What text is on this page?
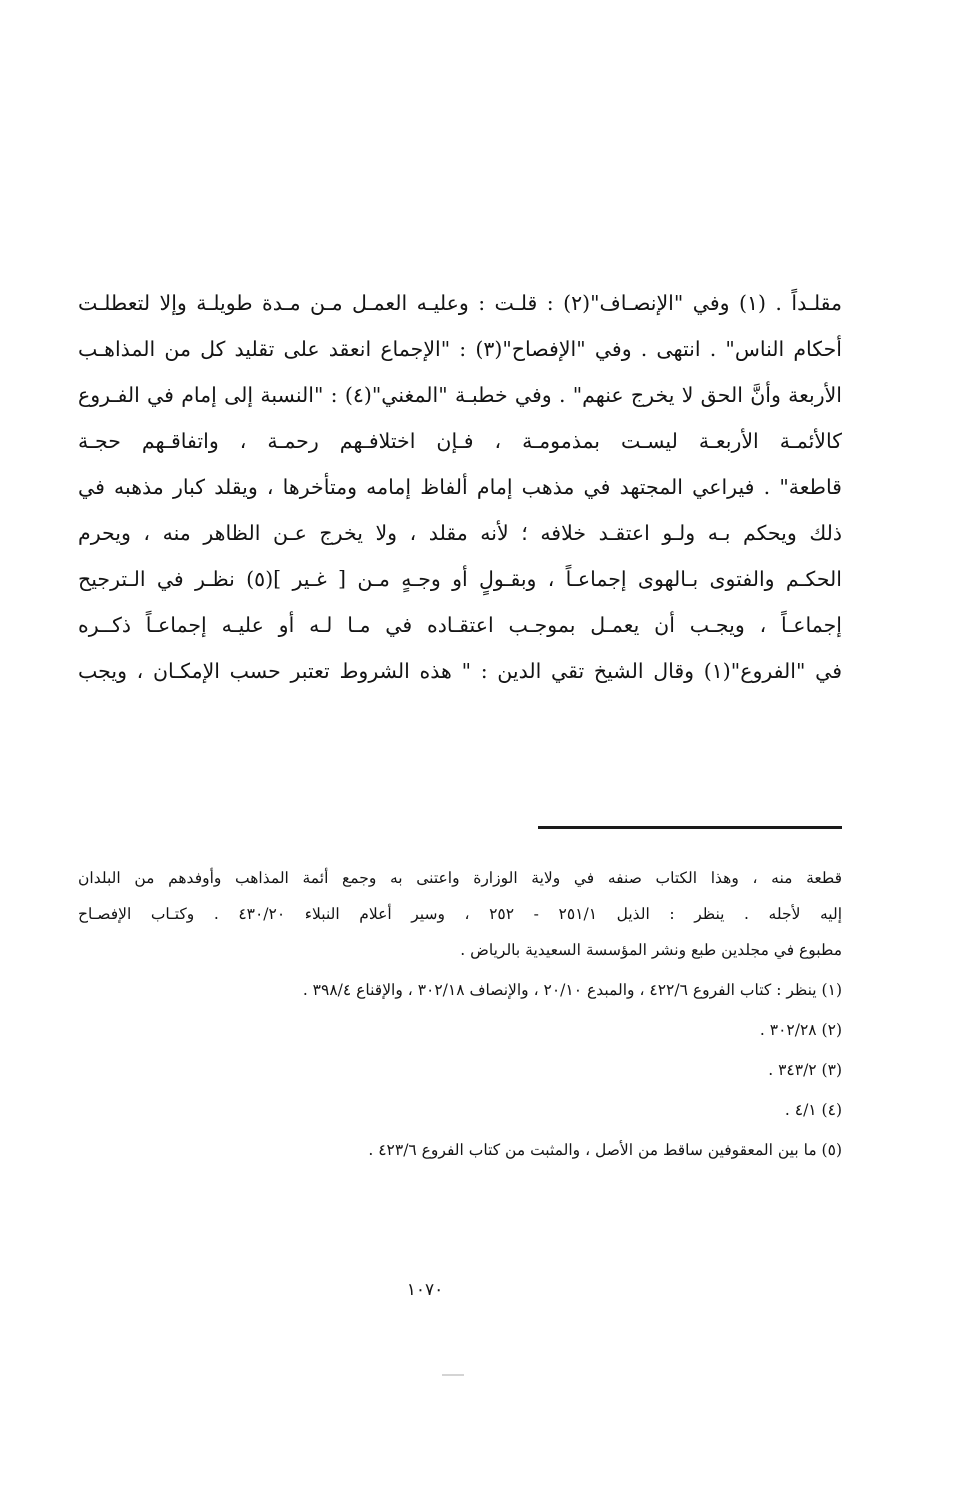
مقلـداً . (١) وفي "الإنصـاف"(٢) : قلـت : وعليـه العمـل مـن مـدة طويلـة وإلا لتعطلـت
أحكام الناس" . انتهى . وفي "الإفصاح"(٣) : "الإجماع انعقد على تقليد كل من المذاهـب
الأربعة وأنَّ الحق لا يخرج عنهم" . وفي خطبـة "المغني"(٤) : "النسبة إلى إمام في الفـروع
كالأئمـة الأربعـة ليسـت بمذمومـة ، فـإن اختلافـهم رحمـة ، واتفاقـهم حجـة
قاطعة" . فيراعي المجتهد في مذهب إمام ألفاظ إمامه ومتأخرها ، ويقلد كبار مذهبه في
ذلك ويحكم بـه ولـو اعتقـد خلافه ؛ لأنه مقلد ، ولا يخرج عـن الظاهر منه ، ويحرم
الحكـم والفتوى بـالهوى إجماعـاً ، وبقـولٍ أو وجـهٍ مـن [ غـير ](٥) نظـر في الـترجيح
إجماعـاً ، ويجـب أن يعمـل بموجـب اعتقـاده في مـا لـه أو عليـه إجماعـاً ذكــره
في "الفروع"(١) وقال الشيخ تقي الدين : " هذه الشروط تعتبر حسب الإمكـان ، ويجب
قطعة منه ، وهذا الكتاب صنفه في ولاية الوزارة واعتنى به وجمع أئمة المذاهب وأوفدهم من البلدان
إليه لأجله . ينظر : الذيل ٢٥١/١ - ٢٥٢ ، وسير أعلام النبلاء ٤٣٠/٢٠ . وكتـاب الإفصـاح
مطبوع في مجلدين طبع ونشر المؤسسة السعيدية بالرياض .
(١) ينظر : كتاب الفروع ٤٢٢/٦ ، والمبدع ٢٠/١٠ ، والإنصاف ٣٠٢/١٨ ، والإقناع ٣٩٨/٤ .
(٢) ٣٠٢/٢٨ .
(٣) ٣٤٣/٢ .
(٤) ٤/١ .
(٥) ما بين المعقوفين ساقط من الأصل ، والمثبت من كتاب الفروع ٤٢٣/٦ .
١٠٧٠
